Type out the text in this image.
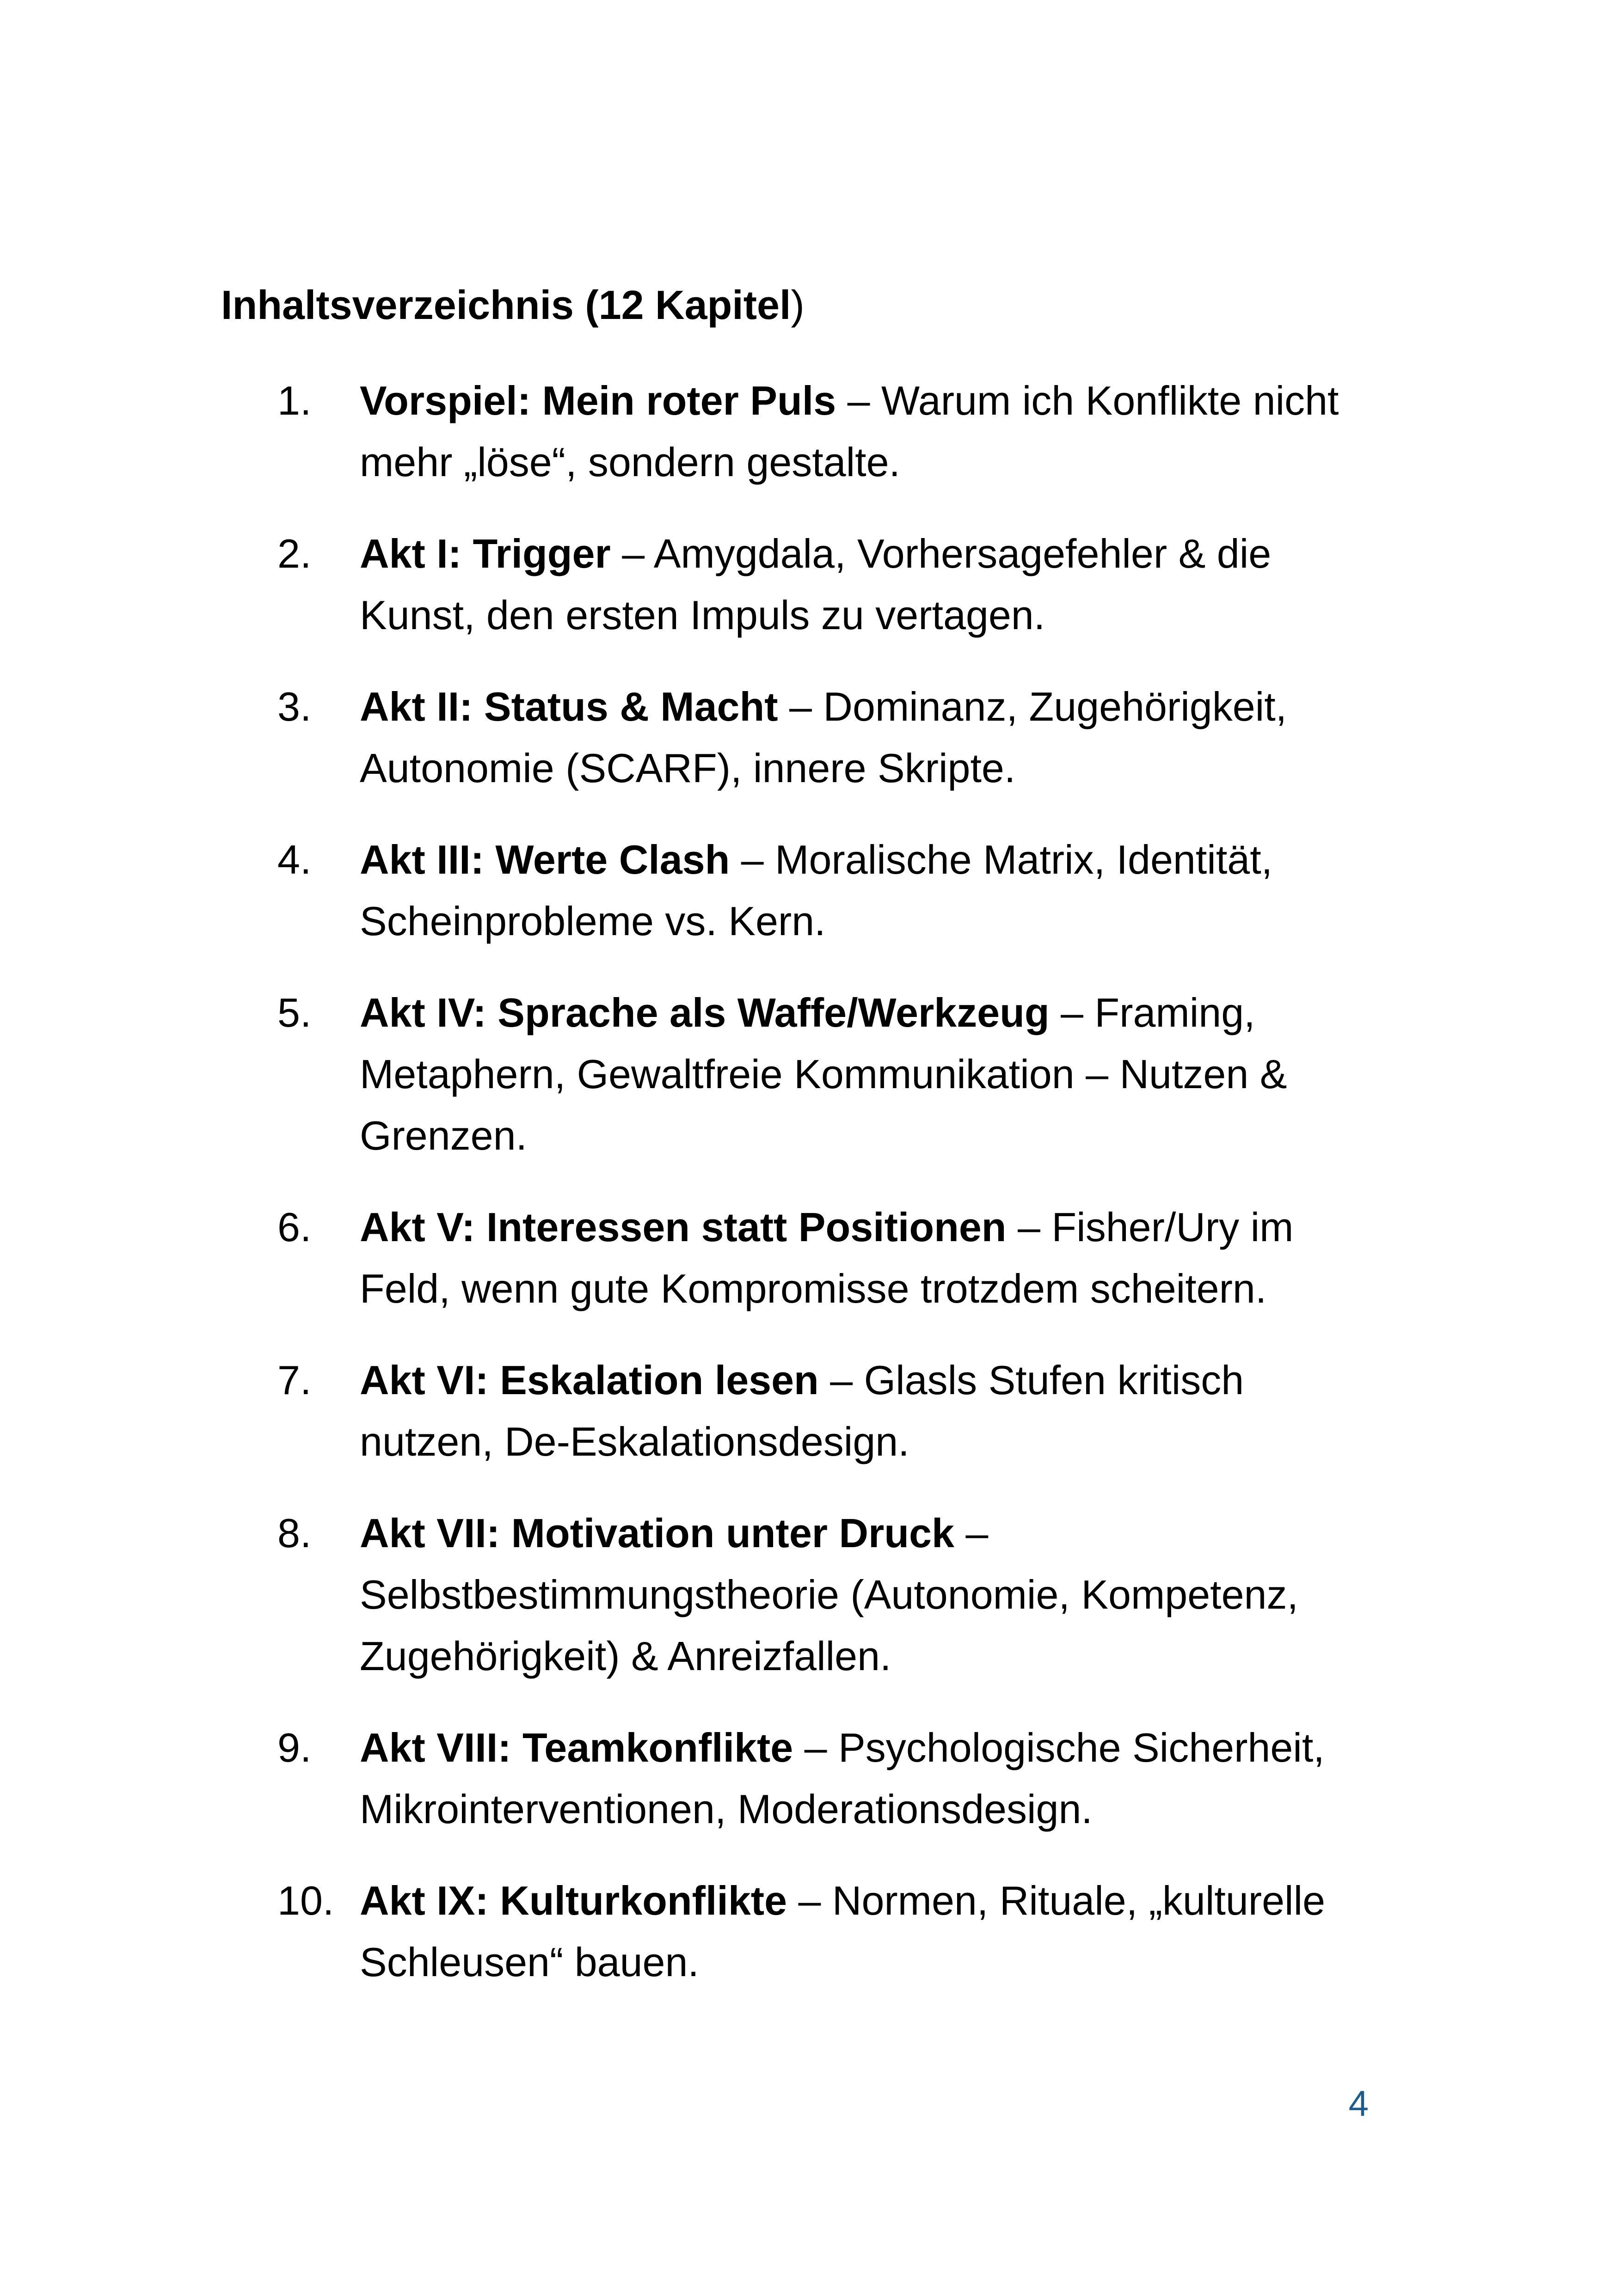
Inhaltsverzeichnis (12 Kapitel)
1.	Vorspiel: Mein roter Puls – Warum ich Konflikte nicht mehr „löse“, sondern gestalte.
2.	Akt I: Trigger – Amygdala, Vorhersagefehler & die Kunst, den ersten Impuls zu vertagen.
3.	Akt II: Status & Macht – Dominanz, Zugehörigkeit, Autonomie (SCARF), innere Skripte.
4.	Akt III: Werte Clash – Moralische Matrix, Identität, Scheinprobleme vs. Kern.
5.	Akt IV: Sprache als Waffe/Werkzeug – Framing, Metaphern, Gewaltfreie Kommunikation – Nutzen & Grenzen.
6.	Akt V: Interessen statt Positionen – Fisher/Ury im Feld, wenn gute Kompromisse trotzdem scheitern.
7.	Akt VI: Eskalation lesen – Glasls Stufen kritisch nutzen, De-Eskalationsdesign.
8.	Akt VII: Motivation unter Druck – Selbstbestimmungstheorie (Autonomie, Kompetenz, Zugehörigkeit) & Anreizfallen.
9.	Akt VIII: Teamkonflikte – Psychologische Sicherheit, Mikrointerventionen, Moderationsdesign.
10. Akt IX: Kulturkonflikte – Normen, Rituale, „kulturelle Schleusen“ bauen.
4
